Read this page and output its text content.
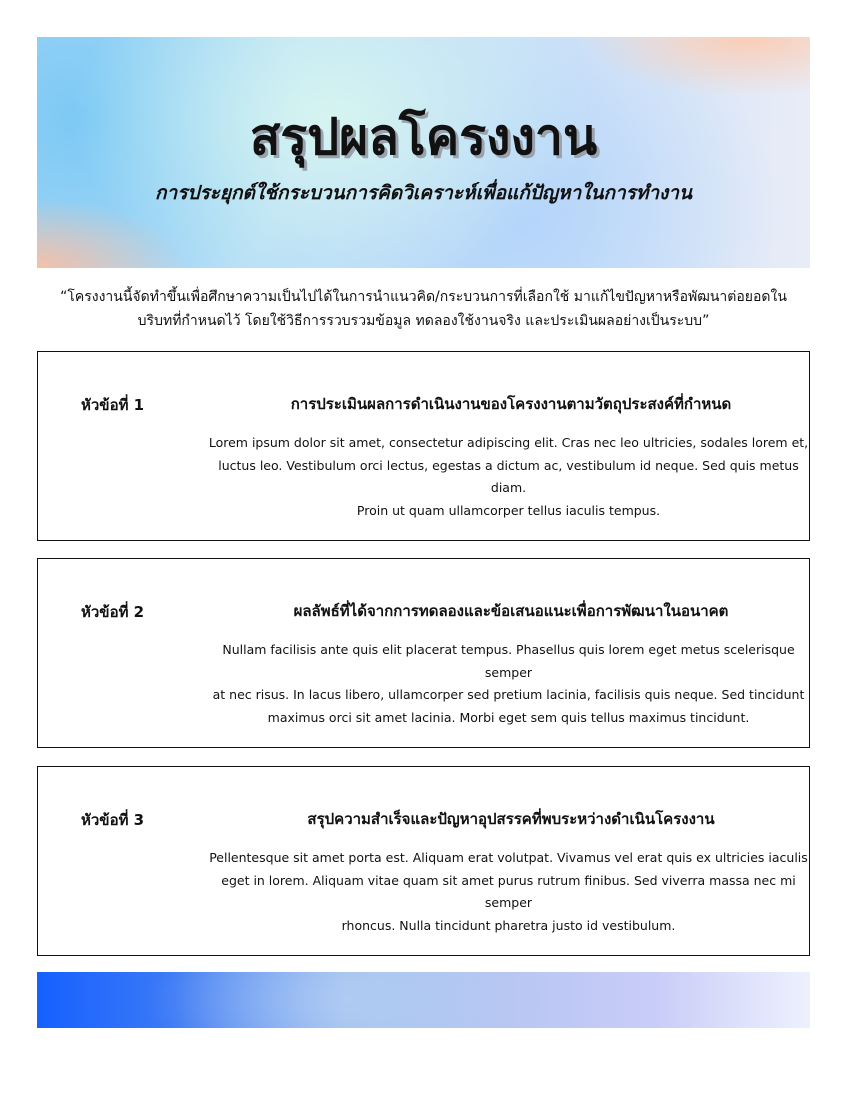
สรุปผลโครงงาน
การประยุกต์ใช้กระบวนการคิดวิเคราะห์เพื่อแก้ปัญหาในการทำงาน
“โครงงานนี้จัดทำขึ้นเพื่อศึกษาความเป็นไปได้ในการนำแนวคิด/กระบวนการที่เลือกใช้ มาแก้ไขปัญหาหรือพัฒนาต่อยอดใน
บริบทที่กำหนดไว้ โดยใช้วิธีการรวบรวมข้อมูล ทดลองใช้งานจริง และประเมินผลอย่างเป็นระบบ”
หัวข้อที่ 1	การประเมินผลการดำเนินงานของโครงงานตามวัตถุประสงค์ที่กำหนด
Lorem ipsum dolor sit amet, consectetur adipiscing elit. Cras nec leo ultricies, sodales lorem et,
luctus leo. Vestibulum orci lectus, egestas a dictum ac, vestibulum id neque. Sed quis metus diam.
Proin ut quam ullamcorper tellus iaculis tempus.
หัวข้อที่ 2	ผลลัพธ์ที่ได้จากการทดลองและข้อเสนอแนะเพื่อการพัฒนาในอนาคต
Nullam facilisis ante quis elit placerat tempus. Phasellus quis lorem eget metus scelerisque semper
at nec risus. In lacus libero, ullamcorper sed pretium lacinia, facilisis quis neque. Sed tincidunt
maximus orci sit amet lacinia. Morbi eget sem quis tellus maximus tincidunt.
หัวข้อที่ 3	สรุปความสำเร็จและปัญหาอุปสรรคที่พบระหว่างดำเนินโครงงาน
Pellentesque sit amet porta est. Aliquam erat volutpat. Vivamus vel erat quis ex ultricies iaculis
eget in lorem. Aliquam vitae quam sit amet purus rutrum finibus. Sed viverra massa nec mi semper
rhoncus. Nulla tincidunt pharetra justo id vestibulum.
